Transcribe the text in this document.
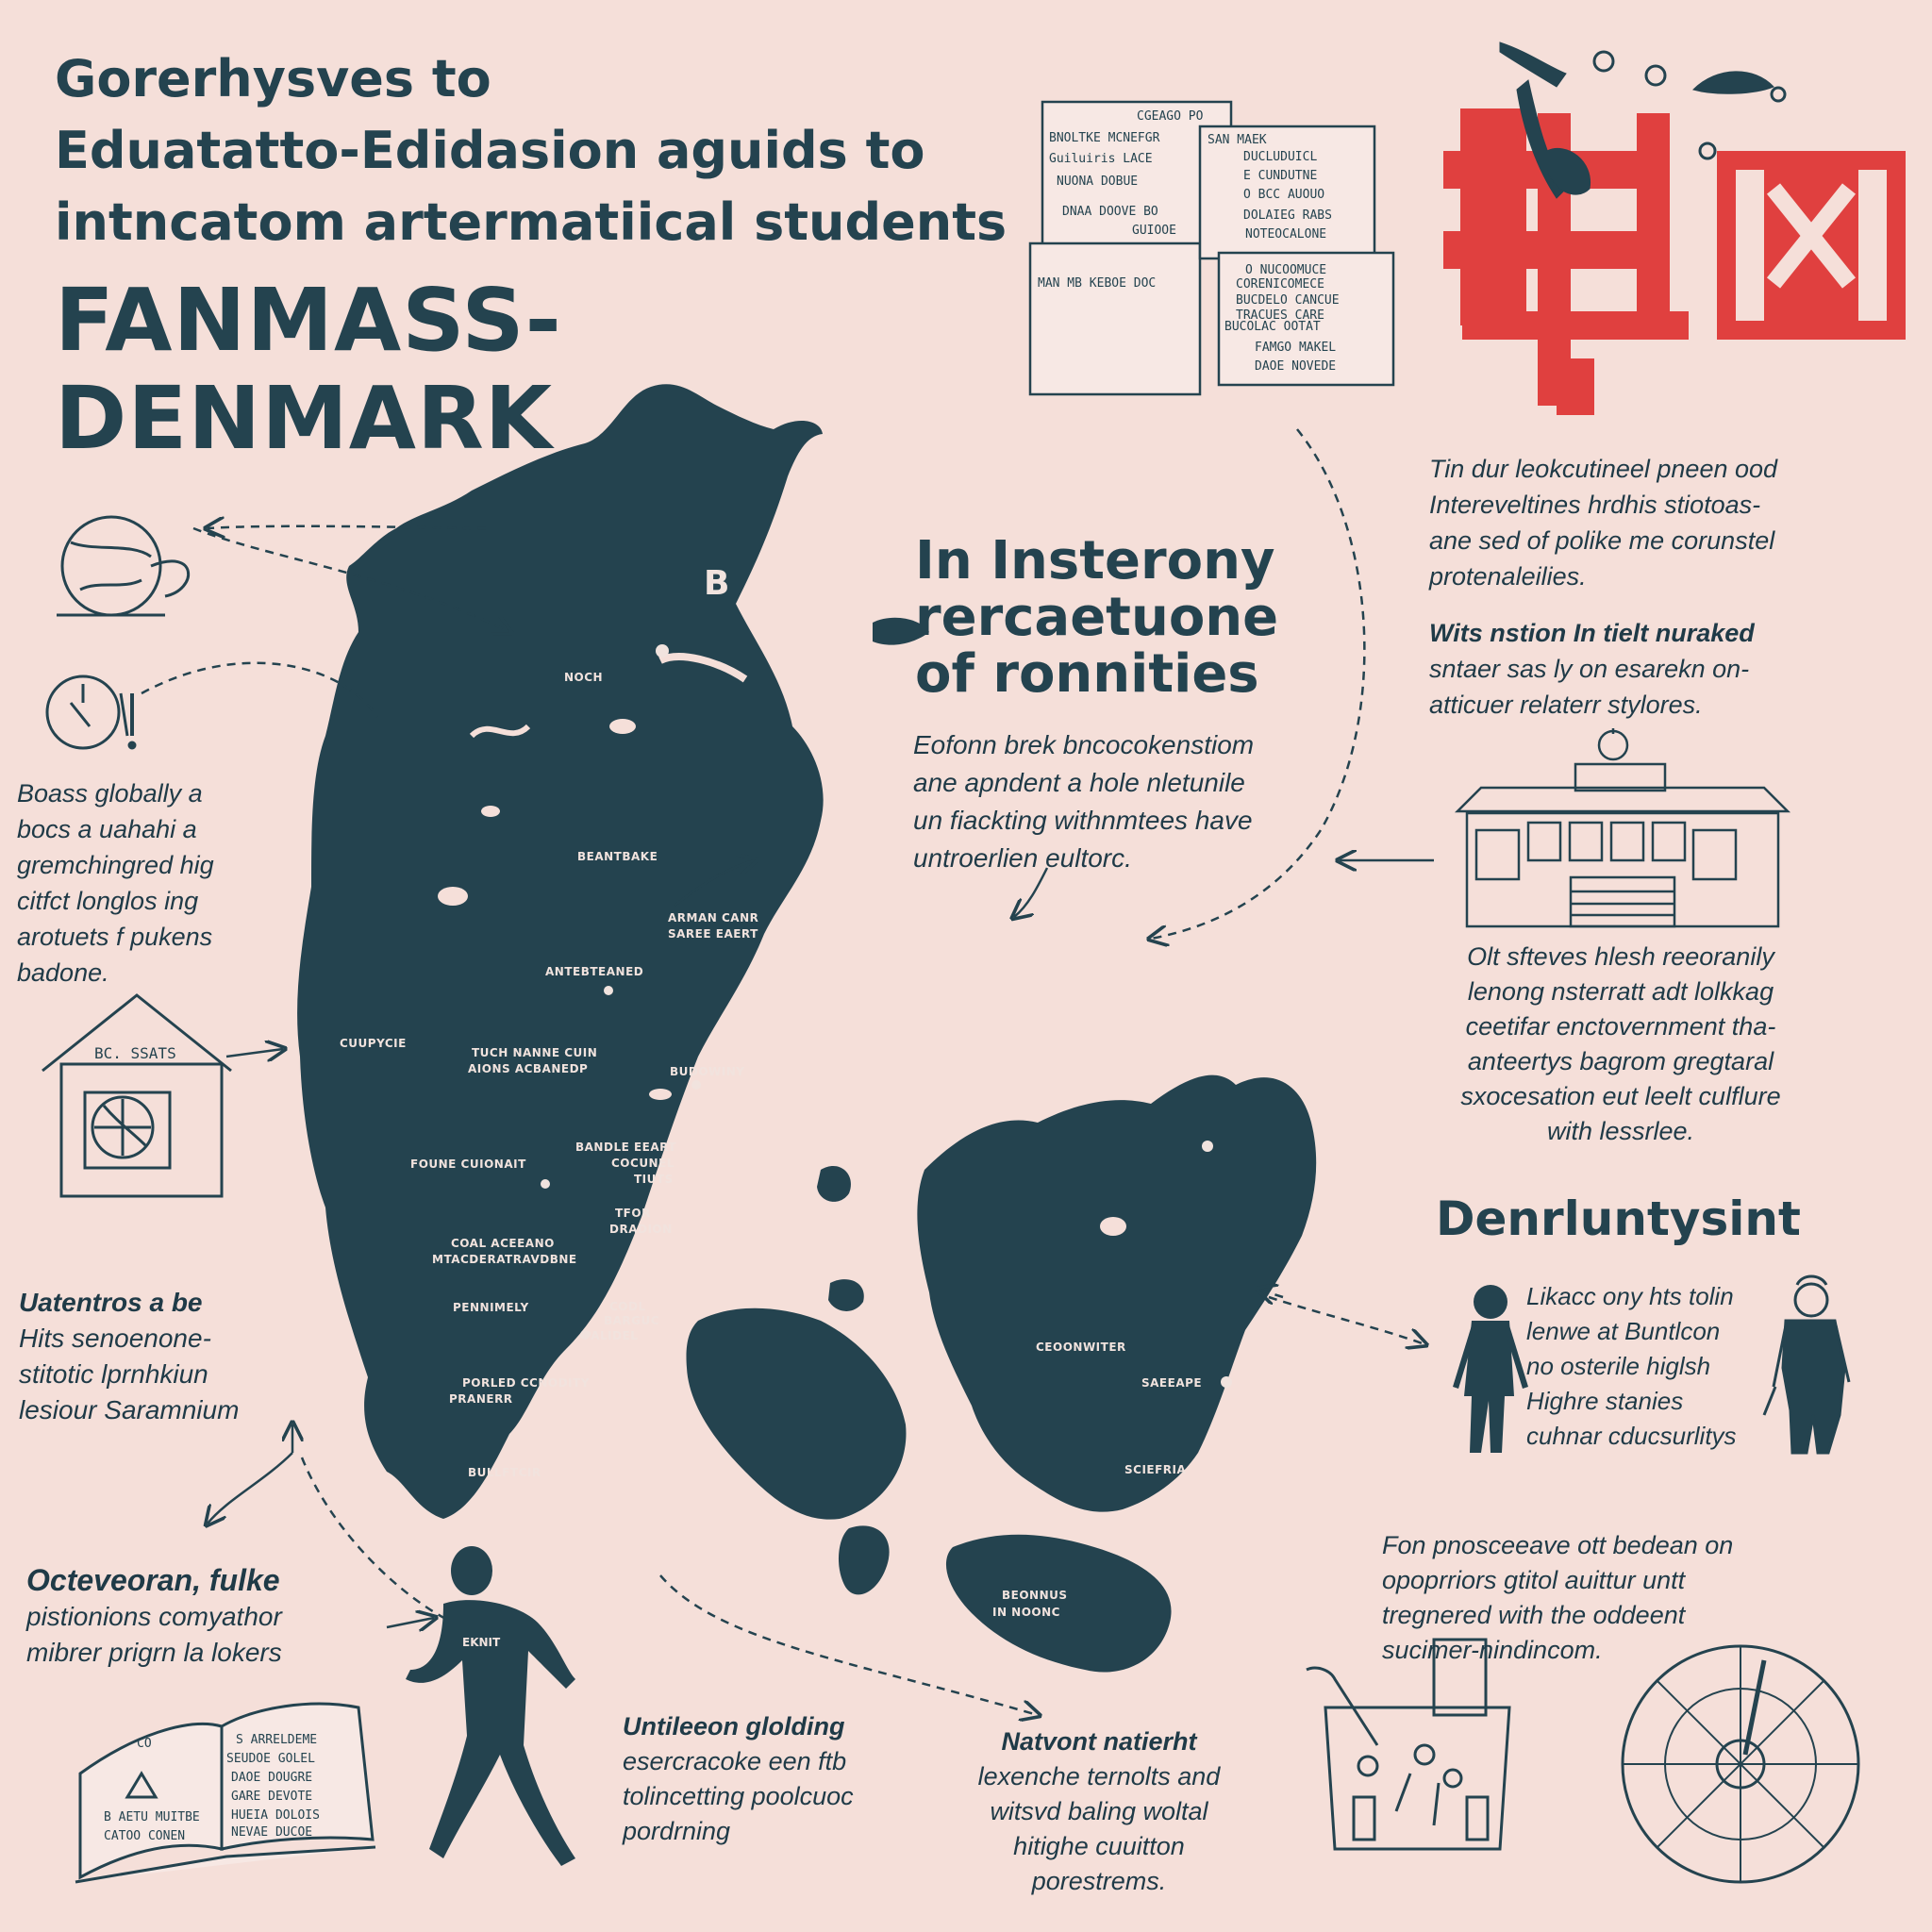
NOCH
BEANTBAKE
ARMAN CANR
SAREE EAERT
ANTEBTEANED
CUUPYCIE
TUCH NANNE CUIN
AIONS ACBANEDP	BUDOWINY
FOUNE CUIONAIT
BANDLE EEART
COCUNEL
TIUTS
TFOR
DRADION
COAL ACEEANO
MTACDERATRAVDBNE
PENNIMELY	CODL
BARGUC
PALIDEL
PORLED CCNODITY
PRANERR
BULLFTCIR
CEOONWITER
SAEEAPE
SCIEFRIA
BEONNUS
IN NOONC
B
CGEAGO PO
BNOLTKE MCNEFGR
Guiluiris LACE
NUONA DOBUE
DNAA DOOVE BO
GUIOOE
MAN MB KEBOE DOC
SAN MAEK
DUCLUDUICL
E CUNDUTNE
O BCC AUOUO
DOLAIEG RABS
NOTEOCALONE
O NUCOOMUCE
CORENICOMECE
BUCDELO CANCUE
TRACUES CARE
BUCOLAC OOTAT
FAMGO MAKEL
DAOE NOVEDE
BC. SSATS
EKNIT
CO
B AETU MUITBE
S ARRELDEME
SEUDOE GOLEL
DAOE DOUGRE
GARE DEVOTE
HUEIA DOLOIS
NEVAE DUCOE
CATOO CONEN
Gorerhysves to
Eduatatto-Edidasion aguids to
intncatom artermatiical students
FANMASS-
DENMARK
In Insterony
rercaetuone
of ronnities
Eofonn brek bncocokenstiom
ane apndent a hole nletunile
un fiackting withnmtees have
untroerlien eultorc.
Boass globally a
bocs a uahahi a
gremchingred hig
citfct longlos ing
arotuets f pukens
badone.
Uatentros a be
Hits senoenone-
stitotic lprnhkiun
lesiour Saramnium
Octeveoran, fulke
pistionions comyathor
mibrer prigrn la lokers
Tin dur leokcutineel pneen ood
Intereveltines hrdhis stiotoas-
ane sed of polike me corunstel
protenaleilies.
Wits nstion In tielt nuraked
sntaer sas ly on esarekn on-
atticuer relaterr stylores.
Olt sfteves hlesh reeoranily
lenong nsterratt adt lolkkag
ceetifar enctovernment tha-
anteertys bagrom gregtaral
sxocesation eut leelt culflure
with lessrlee.
Denrluntysint
Likacc ony hts tolin
lenwe at Buntlcon
no osterile higlsh
Highre stanies
cuhnar cducsurlitys
Fon pnosceeave ott bedean on
opoprriors gtitol auittur untt
tregnered with the oddeent
sucimer-nindincom.
Untileeon glolding
esercracoke een ftb
tolincetting poolcuoc
pordrning
Natvont natierht
lexenche ternolts and
witsvd baling woltal
hitighe cuuitton
porestrems.
